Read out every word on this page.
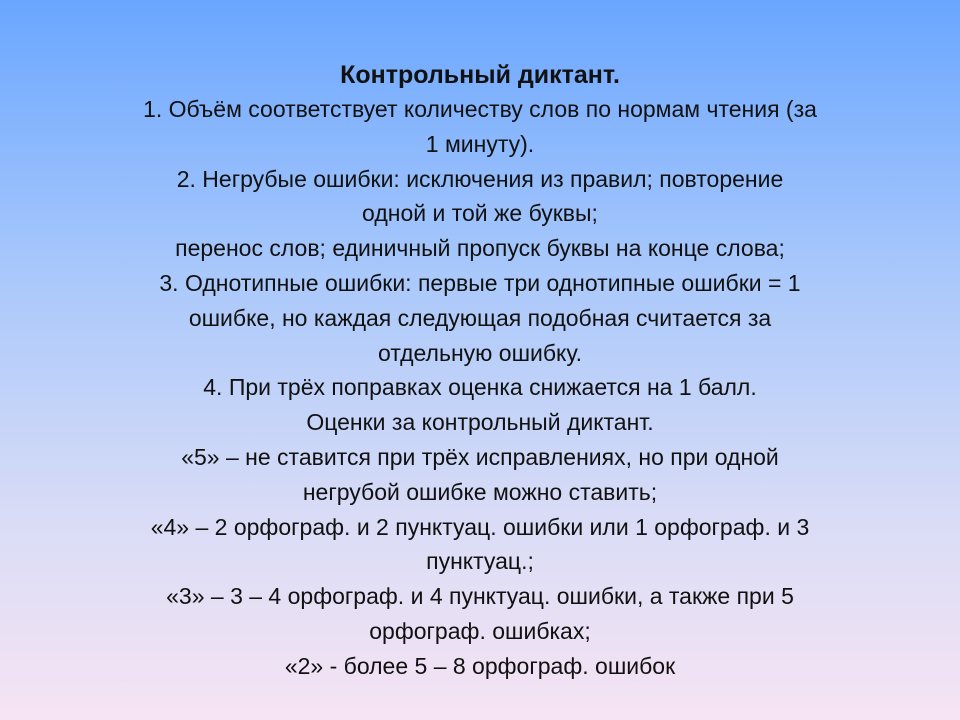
Контрольный диктант.

1. Объём соответствует количеству слов по нормам чтения (за

1 минуту).

2. Негрубые ошибки: исключения из правил; повторение

одной и той же буквы;

перенос слов; единичный пропуск буквы на конце слова;

3. Однотипные ошибки: первые три однотипные ошибки = 1

ошибке, но каждая следующая подобная считается за

отдельную ошибку.

4. При трёх поправках оценка снижается на 1 балл.

Оценки за контрольный диктант.

«5» – не ставится при трёх исправлениях, но при одной

негрубой ошибке можно ставить;

«4» – 2 орфограф. и 2 пунктуац. ошибки или 1 орфограф. и 3

пунктуац.;

«3» – 3 – 4 орфограф. и 4 пунктуац. ошибки, а также при 5

орфограф. ошибках;

«2» - более 5 – 8 орфограф. ошибок
